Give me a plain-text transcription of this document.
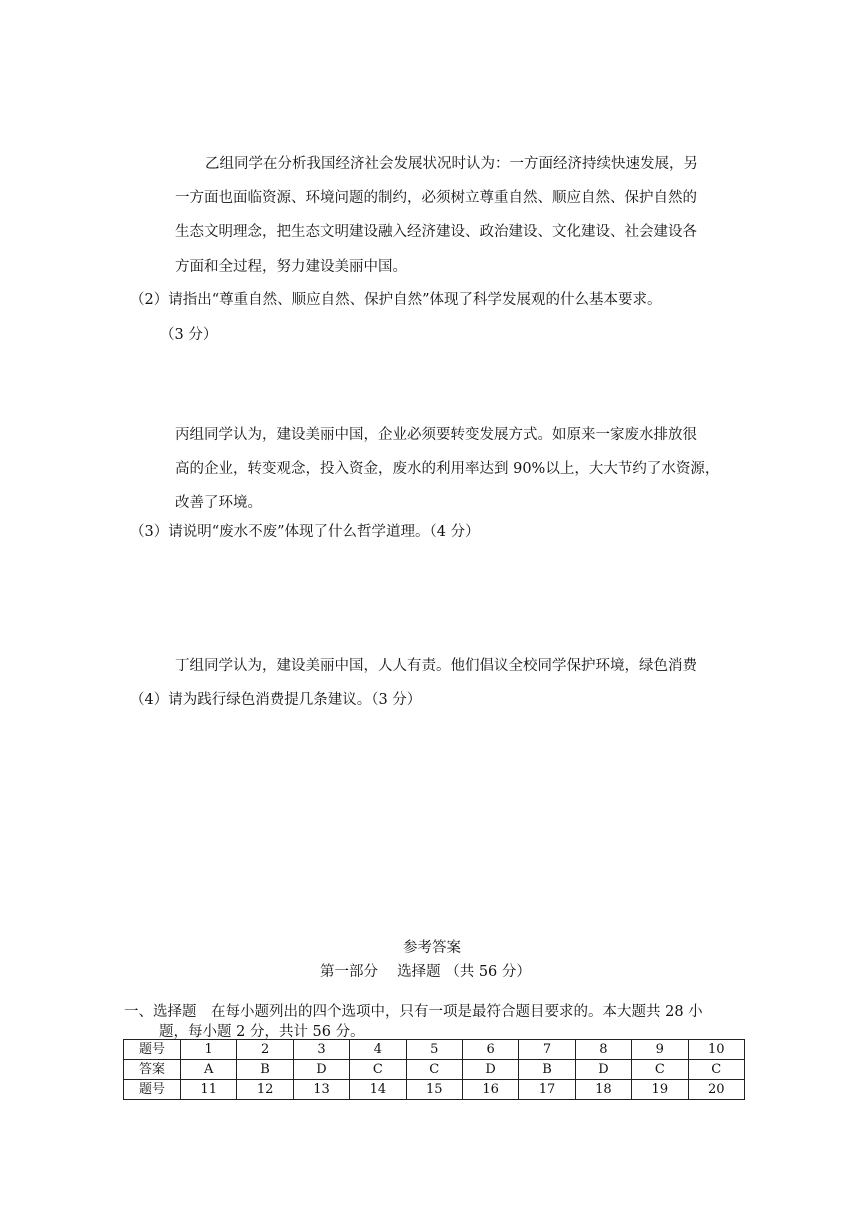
乙组同学在分析我国经济社会发展状况时认为：一方面经济持续快速发展，另
一方面也面临资源、环境问题的制约，必须树立尊重自然、顺应自然、保护自然的
生态文明理念，把生态文明建设融入经济建设、政治建设、文化建设、社会建设各
方面和全过程，努力建设美丽中国。
（2）请指出“尊重自然、顺应自然、保护自然”体现了科学发展观的什么基本要求。
（3 分）
丙组同学认为，建设美丽中国，企业必须要转变发展方式。如原来一家废水排放很
高的企业，转变观念，投入资金，废水的利用率达到 90%以上，大大节约了水资源，
改善了环境。
（3）请说明“废水不废”体现了什么哲学道理。（4 分）
丁组同学认为，建设美丽中国，人人有责。他们倡议全校同学保护环境，绿色消费
（4）请为践行绿色消费提几条建议。（3 分）
参考答案
第一部分　 选择题 （共 56 分）
一、选择题　在每小题列出的四个选项中，只有一项是最符合题目要求的。本大题共 28 小
题，每小题 2 分，共计 56 分。
题号	1	2	3	4	5	6	7	8	9	10
答案	A	B	D	C	C	D	B	D	C	C
题号	11	12	13	14	15	16	17	18	19	20
